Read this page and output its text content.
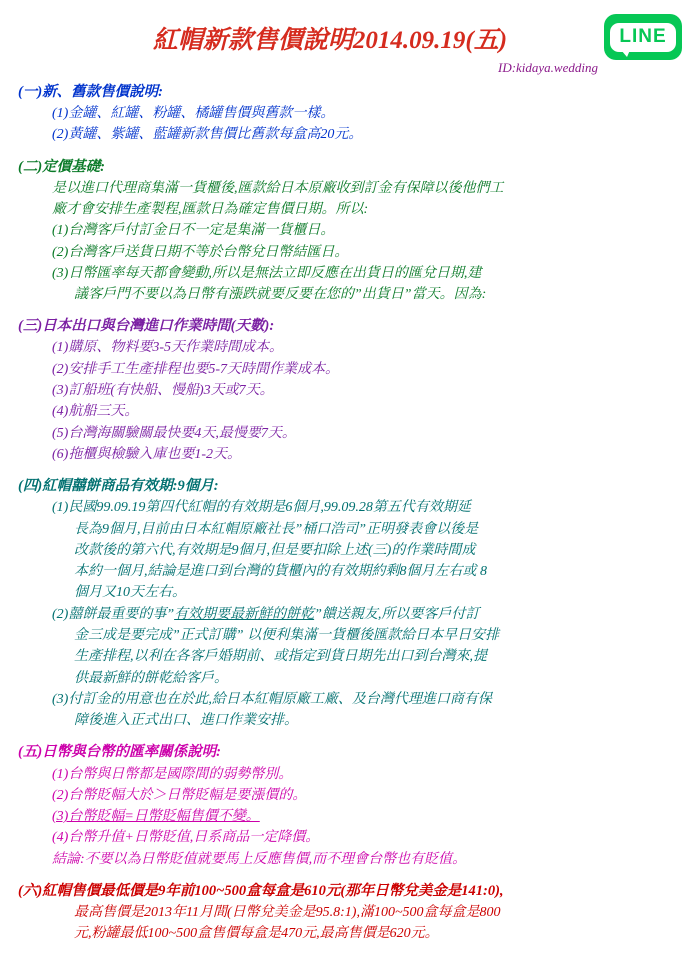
LINE
紅帽新款售價說明2014.09.19(五)
ID:kidaya.wedding
(一)新、舊款售價說明:
(1)金罐、紅罐、粉罐、橘罐售價與舊款一樣。
(2)黃罐、紫罐、藍罐新款售價比舊款每盒高20元。
(二)定價基礎:
是以進口代理商集滿一貨櫃後,匯款給日本原廠收到訂金有保障以後他們工
廠才會安排生產製程,匯款日為確定售價日期。所以:
(1)台灣客戶付訂金日不一定是集滿一貨櫃日。
(2)台灣客戶送貨日期不等於台幣兌日幣結匯日。
(3)日幣匯率每天都會變動,所以是無法立即反應在出貨日的匯兌日期,建
議客戶門不要以為日幣有漲跌就要反要在您的”出貨日”當天。因為:
(三)日本出口與台灣進口作業時間(天數):
(1)購原、物料要3-5天作業時間成本。
(2)安排手工生產排程也要5-7天時間作業成本。
(3)訂船班(有快船、慢船)3天或7天。
(4)航船三天。
(5)台灣海關驗關最快要4天,最慢要7天。
(6)拖櫃與檢驗入庫也要1-2天。
(四)紅帽囍餅商品有效期:9個月:
(1)民國99.09.19第四代紅帽的有效期是6個月,99.09.28第五代有效期延
長為9個月,目前由日本紅帽原廠社長”桶口浩司”正明發表會以後是
改款後的第六代,有效期是9個月,但是要扣除上述(三)的作業時間成
本約一個月,結論是進口到台灣的貨櫃內的有效期約剩8個月左右或 8
個月又10天左右。
(2)囍餅最重要的事”有效期要最新鮮的餅乾”饋送親友,所以要客戶付訂
金三成是要完成”正式訂購” 以便利集滿一貨櫃後匯款給日本早日安排
生產排程,以利在各客戶婚期前、或指定到貨日期先出口到台灣來,提
供最新鮮的餅乾給客戶。
(3)付訂金的用意也在於此,給日本紅帽原廠工廠、及台灣代理進口商有保
障後進入正式出口、進口作業安排。
(五)日幣與台幣的匯率關係說明:
(1)台幣與日幣都是國際間的弱勢幣別。
(2)台幣貶幅大於＞日幣貶幅是要漲價的。
(3)台幣貶幅=日幣貶幅售價不變。
(4)台幣升值+日幣貶值,日系商品一定降價。
結論:不要以為日幣貶值就要馬上反應售價,而不理會台幣也有貶值。
(六)紅帽售價最低價是9年前100~500盒每盒是610元(那年日幣兌美金是141:0),
最高售價是2013年11月間(日幣兌美金是95.8:1),滿100~500盒每盒是800
元,粉罐最低100~500盒售價每盒是470元,最高售價是620元。
